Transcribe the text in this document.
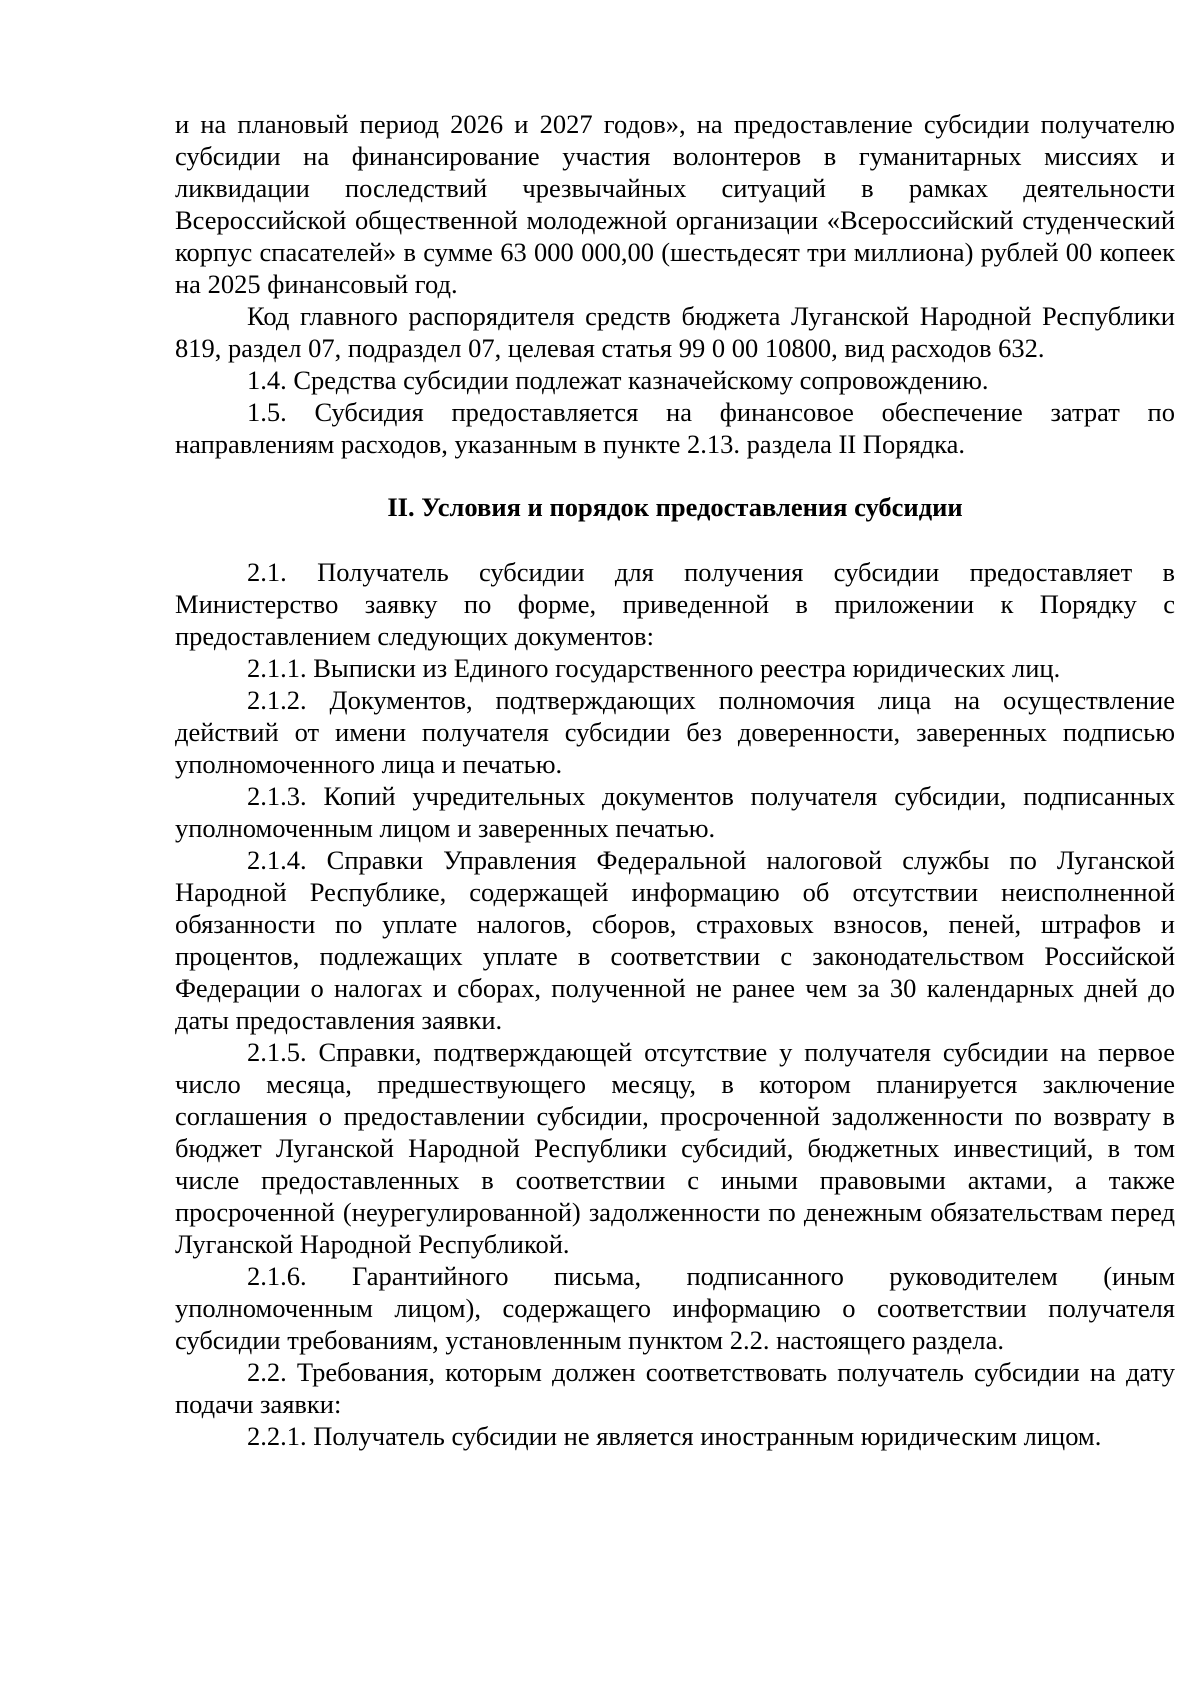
и на плановый период 2026 и 2027 годов», на предоставление субсидии получателю субсидии на финансирование участия волонтеров в гуманитарных миссиях и ликвидации последствий чрезвычайных ситуаций в рамках деятельности Всероссийской общественной молодежной организации «Всероссийский студенческий корпус спасателей» в сумме 63 000 000,00 (шестьдесят три миллиона) рублей 00 копеек на 2025 финансовый год.

Код главного распорядителя средств бюджета Луганской Народной Республики 819, раздел 07, подраздел 07, целевая статья 99 0 00 10800, вид расходов 632.

1.4. Средства субсидии подлежат казначейскому сопровождению.

1.5. Субсидия предоставляется на финансовое обеспечение затрат по направлениям расходов, указанным в пункте 2.13. раздела II Порядка.

II. Условия и порядок предоставления субсидии

2.1. Получатель субсидии для получения субсидии предоставляет в Министерство заявку по форме, приведенной в приложении к Порядку с предоставлением следующих документов:

2.1.1. Выписки из Единого государственного реестра юридических лиц.

2.1.2. Документов, подтверждающих полномочия лица на осуществление действий от имени получателя субсидии без доверенности, заверенных подписью уполномоченного лица и печатью.

2.1.3. Копий учредительных документов получателя субсидии, подписанных уполномоченным лицом и заверенных печатью.

2.1.4. Справки Управления Федеральной налоговой службы по Луганской Народной Республике, содержащей информацию об отсутствии неисполненной обязанности по уплате налогов, сборов, страховых взносов, пеней, штрафов и процентов, подлежащих уплате в соответствии с законодательством Российской Федерации о налогах и сборах, полученной не ранее чем за 30 календарных дней до даты предоставления заявки.

2.1.5. Справки, подтверждающей отсутствие у получателя субсидии на первое число месяца, предшествующего месяцу, в котором планируется заключение соглашения о предоставлении субсидии, просроченной задолженности по возврату в бюджет Луганской Народной Республики субсидий, бюджетных инвестиций, в том числе предоставленных в соответствии с иными правовыми актами, а также просроченной (неурегулированной) задолженности по денежным обязательствам перед Луганской Народной Республикой.

2.1.6. Гарантийного письма, подписанного руководителем (иным уполномоченным лицом), содержащего информацию о соответствии получателя субсидии требованиям, установленным пунктом 2.2. настоящего раздела.

2.2. Требования, которым должен соответствовать получатель субсидии на дату подачи заявки:

2.2.1. Получатель субсидии не является иностранным юридическим лицом.
